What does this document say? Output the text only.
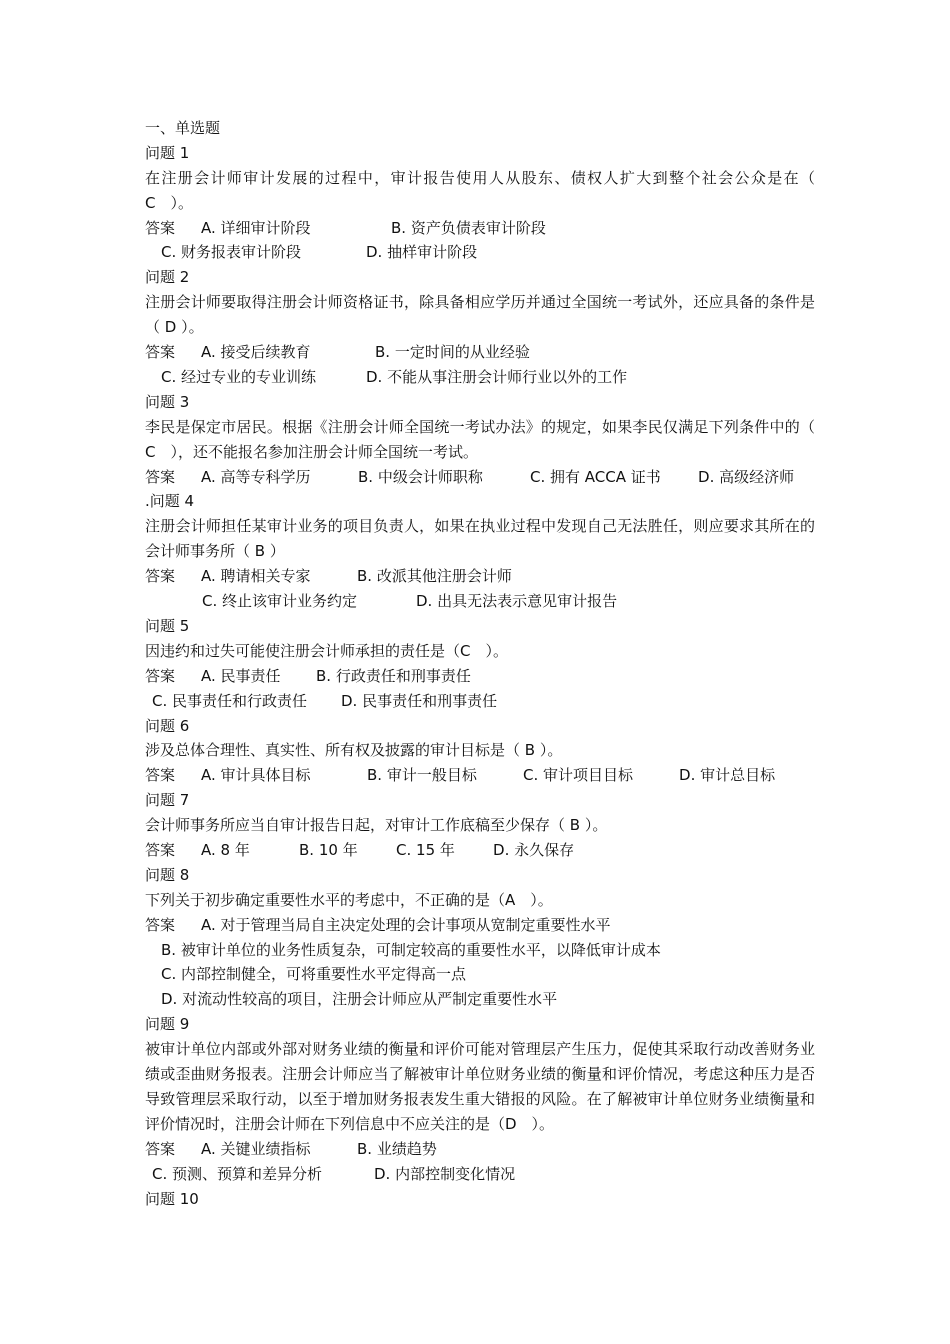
一、单选题
问题 1
在注册会计师审计发展的过程中，审计报告使用人从股东、债权人扩大到整个社会公众是在（　C　）。
答案 A. 详细审计阶段	B. 资产负债表审计阶段
C. 财务报表审计阶段	D. 抽样审计阶段
问题 2
注册会计师要取得注册会计师资格证书，除具备相应学历并通过全国统一考试外，还应具备的条件是（ D ）。
答案 A. 接受后续教育	B. 一定时间的从业经验
C. 经过专业的专业训练	D. 不能从事注册会计师行业以外的工作
问题 3
李民是保定市居民。根据《注册会计师全国统一考试办法》的规定，如果李民仅满足下列条件中的（　C　），还不能报名参加注册会计师全国统一考试。
答案 A. 高等专科学历	B. 中级会计师职称	C. 拥有 ACCA 证书 D. 高级经济师
.问题 4
注册会计师担任某审计业务的项目负责人，如果在执业过程中发现自己无法胜任，则应要求其所在的会计师事务所（ B ）
答案 A. 聘请相关专家	B. 改派其他注册会计师
C. 终止该审计业务约定	D. 出具无法表示意见审计报告
问题 5
因违约和过失可能使注册会计师承担的责任是（C　）。
答案 A. 民事责任 B. 行政责任和刑事责任
C. 民事责任和行政责任 D. 民事责任和刑事责任
问题 6
涉及总体合理性、真实性、所有权及披露的审计目标是（ B ）。
答案 A. 审计具体目标	B. 审计一般目标	C. 审计项目目标	D. 审计总目标
问题 7
会计师事务所应当自审计报告日起，对审计工作底稿至少保存（ B ）。
答案 A. 8 年	B. 10 年	C. 15 年	D. 永久保存
问题 8
下列关于初步确定重要性水平的考虑中，不正确的是（A　）。
答案 A. 对于管理当局自主决定处理的会计事项从宽制定重要性水平
B. 被审计单位的业务性质复杂，可制定较高的重要性水平，以降低审计成本
C. 内部控制健全，可将重要性水平定得高一点
D. 对流动性较高的项目，注册会计师应从严制定重要性水平
问题 9
被审计单位内部或外部对财务业绩的衡量和评价可能对管理层产生压力，促使其采取行动改善财务业绩或歪曲财务报表。注册会计师应当了解被审计单位财务业绩的衡量和评价情况，考虑这种压力是否导致管理层采取行动，以至于增加财务报表发生重大错报的风险。在了解被审计单位财务业绩衡量和评价情况时，注册会计师在下列信息中不应关注的是（D　）。
答案 A. 关键业绩指标	B. 业绩趋势
C. 预测、预算和差异分析	D. 内部控制变化情况
问题 10
